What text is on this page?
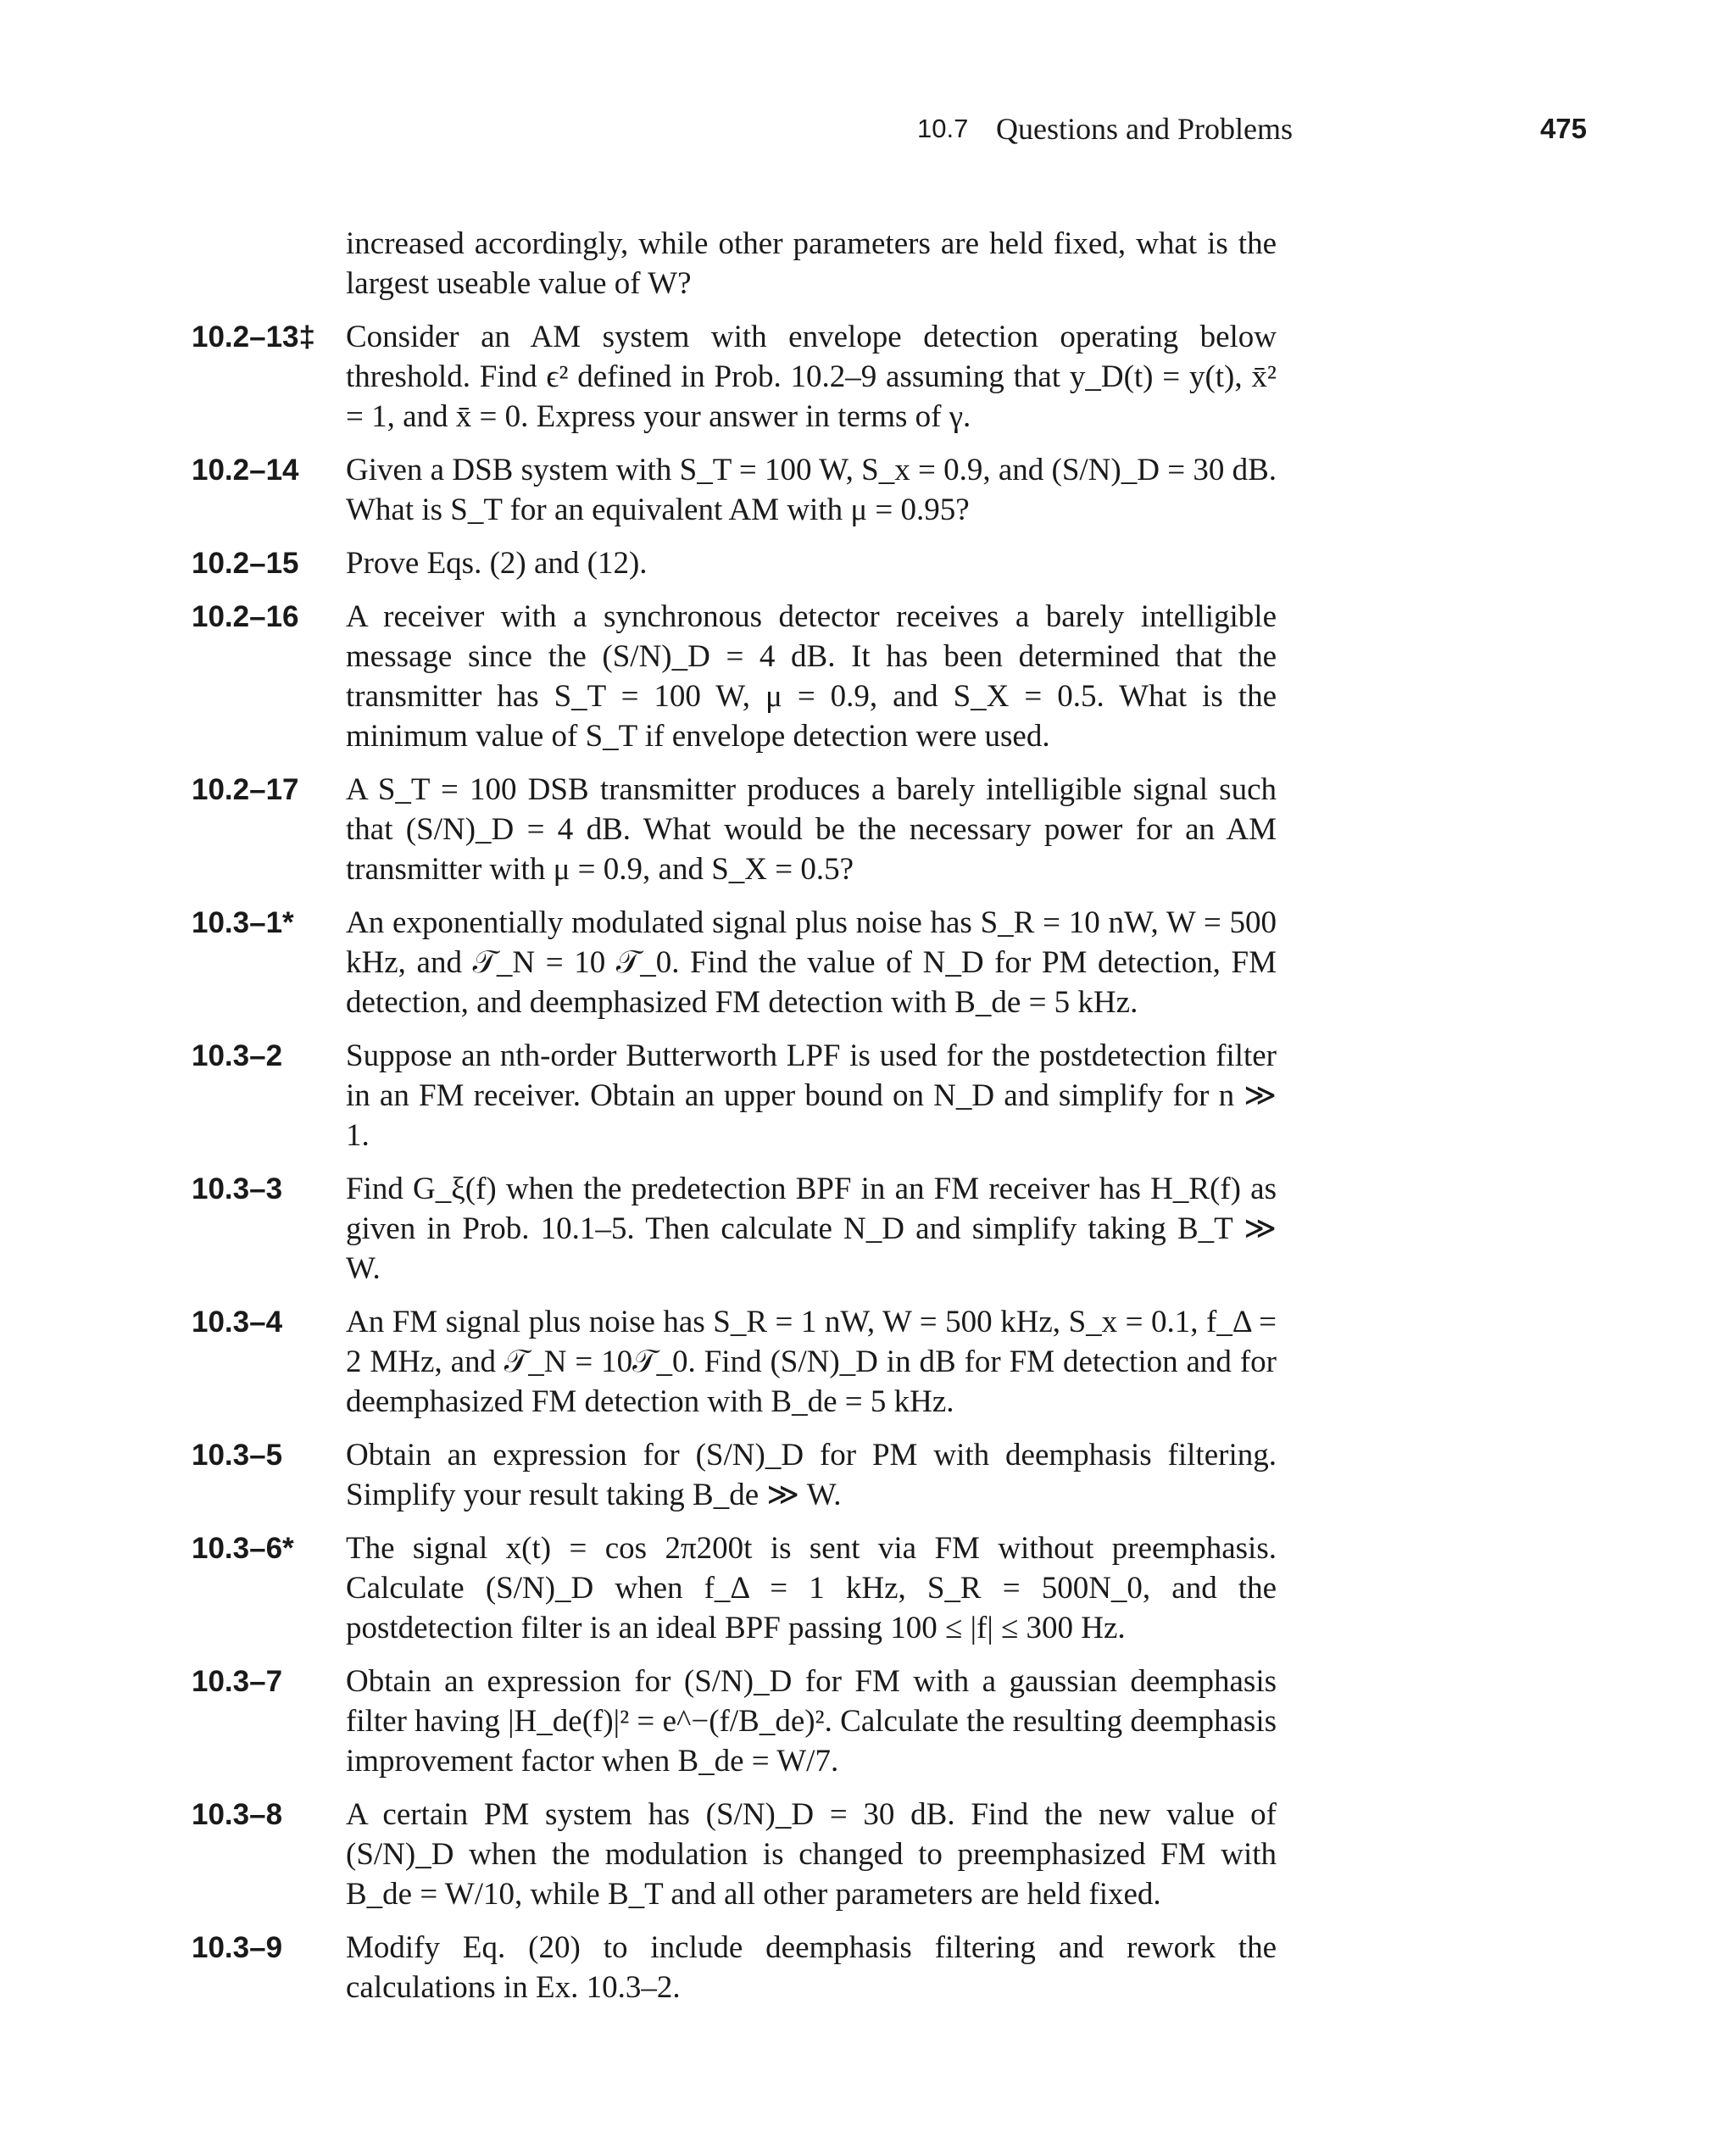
10.7 Questions and Problems	475
increased accordingly, while other parameters are held fixed, what is the largest useable value of W?
10.2–13‡ Consider an AM system with envelope detection operating below threshold. Find ϵ² defined in Prob. 10.2–9 assuming that y_D(t) = y(t), x̄² = 1, and x̄ = 0. Express your answer in terms of γ.
10.2–14 Given a DSB system with S_T = 100 W, S_x = 0.9, and (S/N)_D = 30 dB. What is S_T for an equivalent AM with μ = 0.95?
10.2–15 Prove Eqs. (2) and (12).
10.2–16 A receiver with a synchronous detector receives a barely intelligible message since the (S/N)_D = 4 dB. It has been determined that the transmitter has S_T = 100 W, μ = 0.9, and S_X = 0.5. What is the minimum value of S_T if envelope detection were used.
10.2–17 A S_T = 100 DSB transmitter produces a barely intelligible signal such that (S/N)_D = 4 dB. What would be the necessary power for an AM transmitter with μ = 0.9, and S_X = 0.5?
10.3–1* An exponentially modulated signal plus noise has S_R = 10 nW, W = 500 kHz, and 𝒯_N = 10 𝒯_0. Find the value of N_D for PM detection, FM detection, and deemphasized FM detection with B_de = 5 kHz.
10.3–2 Suppose an nth-order Butterworth LPF is used for the postdetection filter in an FM receiver. Obtain an upper bound on N_D and simplify for n ≫ 1.
10.3–3 Find G_ξ(f) when the predetection BPF in an FM receiver has H_R(f) as given in Prob. 10.1–5. Then calculate N_D and simplify taking B_T ≫ W.
10.3–4 An FM signal plus noise has S_R = 1 nW, W = 500 kHz, S_x = 0.1, f_Δ = 2 MHz, and 𝒯_N = 10𝒯_0. Find (S/N)_D in dB for FM detection and for deemphasized FM detection with B_de = 5 kHz.
10.3–5 Obtain an expression for (S/N)_D for PM with deemphasis filtering. Simplify your result taking B_de ≫ W.
10.3–6* The signal x(t) = cos 2π200t is sent via FM without preemphasis. Calculate (S/N)_D when f_Δ = 1 kHz, S_R = 500N_0, and the postdetection filter is an ideal BPF passing 100 ≤ |f| ≤ 300 Hz.
10.3–7 Obtain an expression for (S/N)_D for FM with a gaussian deemphasis filter having |H_de(f)|² = e^−(f/B_de)². Calculate the resulting deemphasis improvement factor when B_de = W/7.
10.3–8 A certain PM system has (S/N)_D = 30 dB. Find the new value of (S/N)_D when the modulation is changed to preemphasized FM with B_de = W/10, while B_T and all other parameters are held fixed.
10.3–9 Modify Eq. (20) to include deemphasis filtering and rework the calculations in Ex. 10.3–2.
